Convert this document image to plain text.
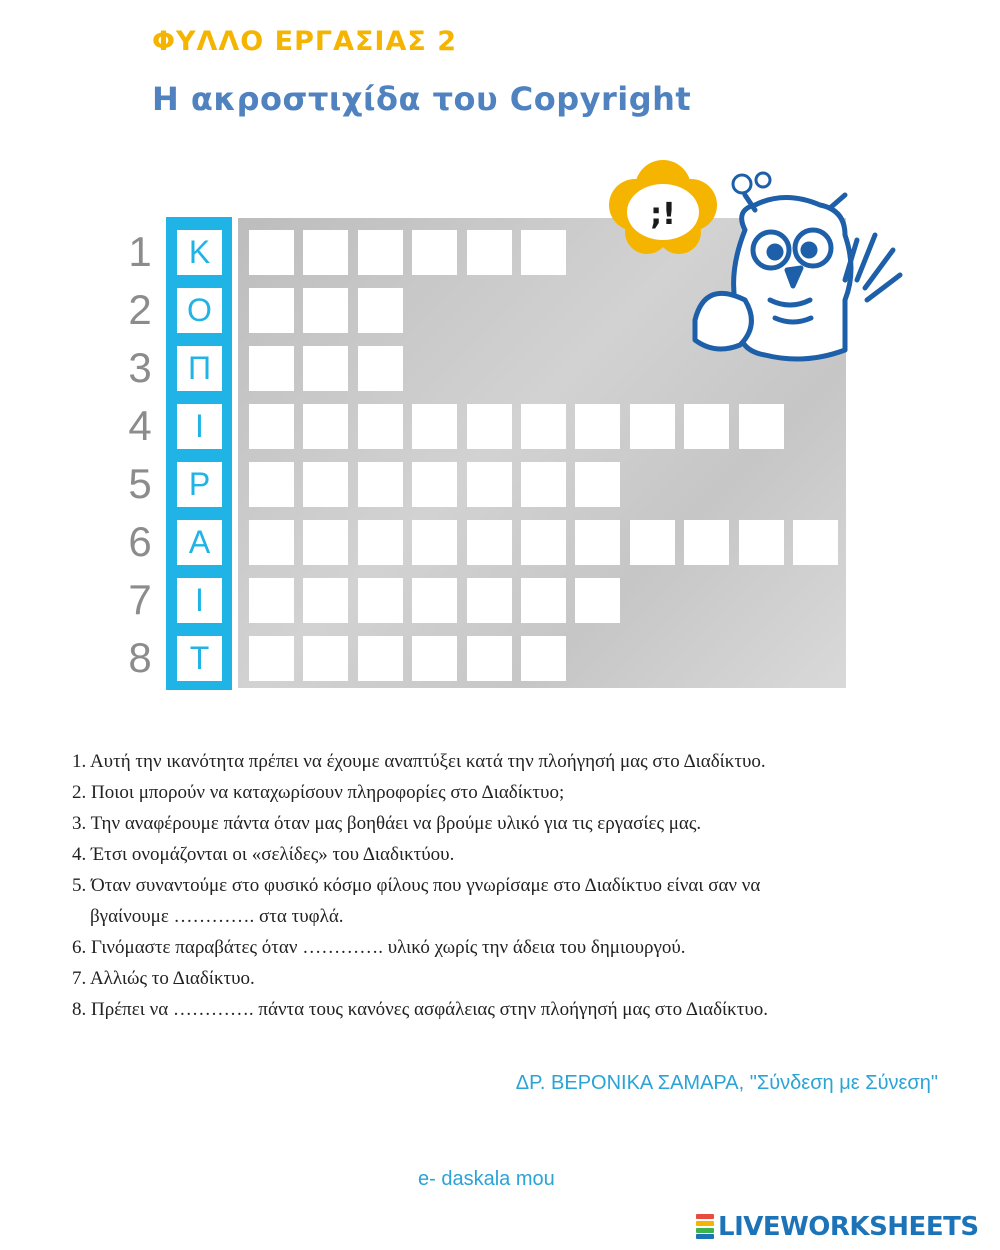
ΦΥΛΛΟ ΕΡΓΑΣΙΑΣ 2
Η ακροστιχίδα του Copyright
1	Κ
2	Ο
3	Π
4	Ι
5	Ρ
6	Α
7	Ι
8	Τ
;!
1. Αυτή την ικανότητα πρέπει να έχουμε αναπτύξει κατά την πλοήγησή μας στο Διαδίκτυο.
2. Ποιοι μπορούν να καταχωρίσουν πληροφορίες στο Διαδίκτυο;
3. Την αναφέρουμε πάντα όταν μας βοηθάει να βρούμε υλικό για τις εργασίες μας.
4. Έτσι ονομάζονται οι «σελίδες» του Διαδικτύου.
5. Όταν συναντούμε στο φυσικό κόσμο φίλους που γνωρίσαμε στο Διαδίκτυο είναι σαν να
βγαίνουμε …………. στα τυφλά.
6. Γινόμαστε παραβάτες όταν …………. υλικό χωρίς την άδεια του δημιουργού.
7. Αλλιώς το Διαδίκτυο.
8. Πρέπει να …………. πάντα τους κανόνες ασφάλειας στην πλοήγησή μας στο Διαδίκτυο.
ΔΡ. ΒΕΡΟΝΙΚΑ ΣΑΜΑΡΑ, "Σύνδεση με Σύνεση"
e- daskala mou
LIVEWORKSHEETS
